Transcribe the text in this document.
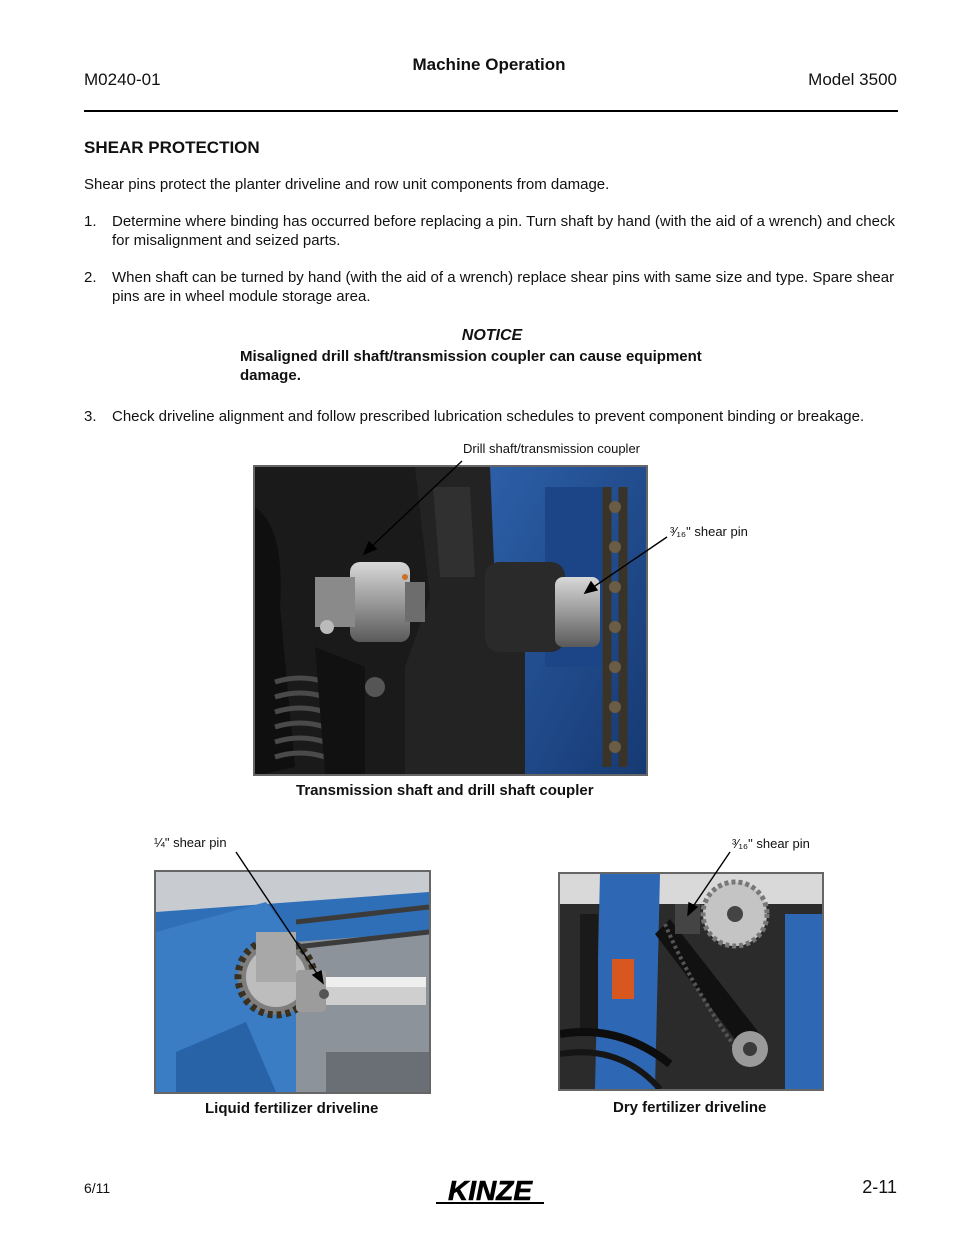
Machine Operation
M0240-01	Model 3500
SHEAR PROTECTION
Shear pins protect the planter driveline and row unit components from damage.
1. Determine where binding has occurred before replacing a pin. Turn shaft by hand (with the aid of a wrench) and check for misalignment and seized parts.
2. When shaft can be turned by hand (with the aid of a wrench) replace shear pins with same size and type. Spare shear pins are in wheel module storage area.
NOTICE
Misaligned drill shaft/transmission coupler can cause equipment damage.
3. Check driveline alignment and follow prescribed lubrication schedules to prevent component binding or breakage.
Drill shaft/transmission coupler
³⁄₁₆" shear pin
Transmission shaft and drill shaft coupler
¼" shear pin
Liquid fertilizer driveline
³⁄₁₆" shear pin
Dry fertilizer driveline
6/11	KINZE	2-11
